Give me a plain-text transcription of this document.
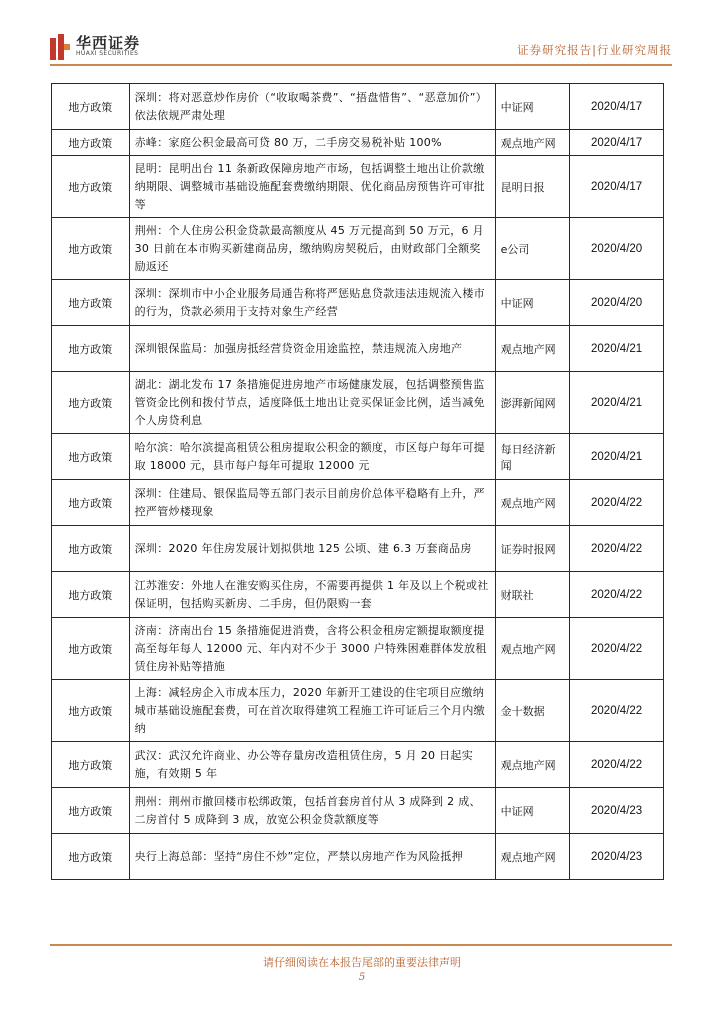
华西证券
HUAXI SECURITIES	证券研究报告|行业研究周报
地方政策	深圳：将对恶意炒作房价（“收取喝茶费”、“捂盘惜售”、“恶意加价”）依法依规严肃处理	中证网	2020/4/17
地方政策	赤峰：家庭公积金最高可贷 80 万，二手房交易税补贴 100%	观点地产网	2020/4/17
地方政策	昆明：昆明出台 11 条新政保障房地产市场，包括调整土地出让价款缴纳期限、调整城市基础设施配套费缴纳期限、优化商品房预售许可审批等	昆明日报	2020/4/17
地方政策	荆州：个人住房公积金贷款最高额度从 45 万元提高到 50 万元，6 月 30 日前在本市购买新建商品房，缴纳购房契税后，由财政部门全额奖励返还	e公司	2020/4/20
地方政策	深圳：深圳市中小企业服务局通告称将严惩贴息贷款违法违规流入楼市的行为，贷款必须用于支持对象生产经营	中证网	2020/4/20
地方政策	深圳银保监局：加强房抵经营贷资金用途监控，禁违规流入房地产	观点地产网	2020/4/21
地方政策	湖北：湖北发布 17 条措施促进房地产市场健康发展，包括调整预售监管资金比例和拨付节点，适度降低土地出让竞买保证金比例，适当减免个人房贷利息	澎湃新闻网	2020/4/21
地方政策	哈尔滨：哈尔滨提高租赁公租房提取公积金的额度，市区每户每年可提取 18000 元，县市每户每年可提取 12000 元	每日经济新闻	2020/4/21
地方政策	深圳：住建局、银保监局等五部门表示目前房价总体平稳略有上升，严控严管炒楼现象	观点地产网	2020/4/22
地方政策	深圳：2020 年住房发展计划拟供地 125 公顷、建 6.3 万套商品房	证券时报网	2020/4/22
地方政策	江苏淮安：外地人在淮安购买住房，不需要再提供 1 年及以上个税或社保证明，包括购买新房、二手房，但仍限购一套	财联社	2020/4/22
地方政策	济南：济南出台 15 条措施促进消费，含将公积金租房定额提取额度提高至每年每人 12000 元、年内对不少于 3000 户特殊困难群体发放租赁住房补贴等措施	观点地产网	2020/4/22
地方政策	上海：减轻房企入市成本压力，2020 年新开工建设的住宅项目应缴纳城市基础设施配套费，可在首次取得建筑工程施工许可证后三个月内缴纳	金十数据	2020/4/22
地方政策	武汉：武汉允许商业、办公等存量房改造租赁住房，5 月 20 日起实施，有效期 5 年	观点地产网	2020/4/22
地方政策	荆州：荆州市撤回楼市松绑政策，包括首套房首付从 3 成降到 2 成、二房首付 5 成降到 3 成，放宽公积金贷款额度等	中证网	2020/4/23
地方政策	央行上海总部：坚持“房住不炒”定位，严禁以房地产作为风险抵押	观点地产网	2020/4/23
请仔细阅读在本报告尾部的重要法律声明
5
